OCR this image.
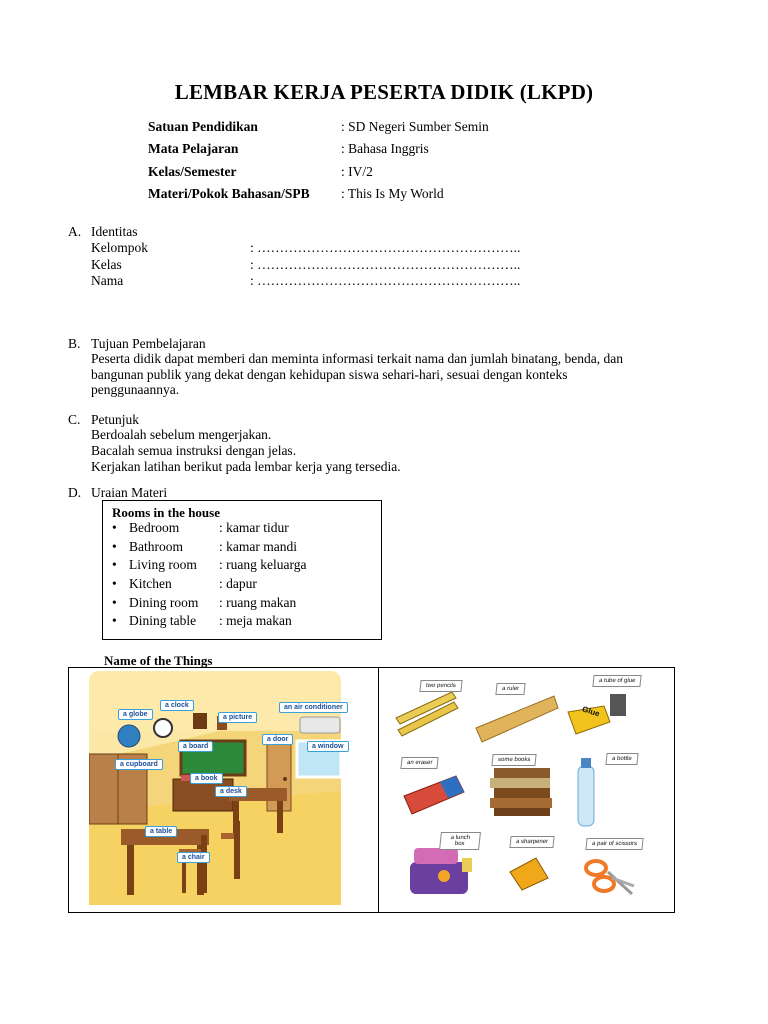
LEMBAR KERJA PESERTA DIDIK (LKPD)
Satuan Pendidikan	: SD Negeri Sumber Semin
Mata Pelajaran	: Bahasa Inggris
Kelas/Semester	: IV/2
Materi/Pokok Bahasan/SPB : This Is My World
A. Identitas
Kelompok	: …………………………………………………..
Kelas	: …………………………………………………..
Nama	: …………………………………………………..
B. Tujuan Pembelajaran
Peserta didik dapat memberi dan meminta informasi terkait nama dan jumlah binatang, benda, dan
bangunan publik yang dekat dengan kehidupan siswa sehari-hari, sesuai dengan konteks
penggunaannya.
C. Petunjuk
Berdoalah sebelum mengerjakan.
Bacalah semua instruksi dengan jelas.
Kerjakan latihan berikut pada lembar kerja yang tersedia.
D. Uraian Materi
Rooms in the house
• Bedroom	: kamar tidur
• Bathroom	: kamar mandi
• Living room : ruang keluarga
• Kitchen	: dapur
• Dining room : ruang makan
• Dining table : meja makan
Name of the Things
a clock
a globe	a picture
an air conditioner
a door
a window
a board
a cupboard
a book
a desk
a table
a chair
Glue
two pencils	a ruler
a tube of glue
an eraser	some books	a bottle
a lunch box	a sharpener	a pair of scissors
